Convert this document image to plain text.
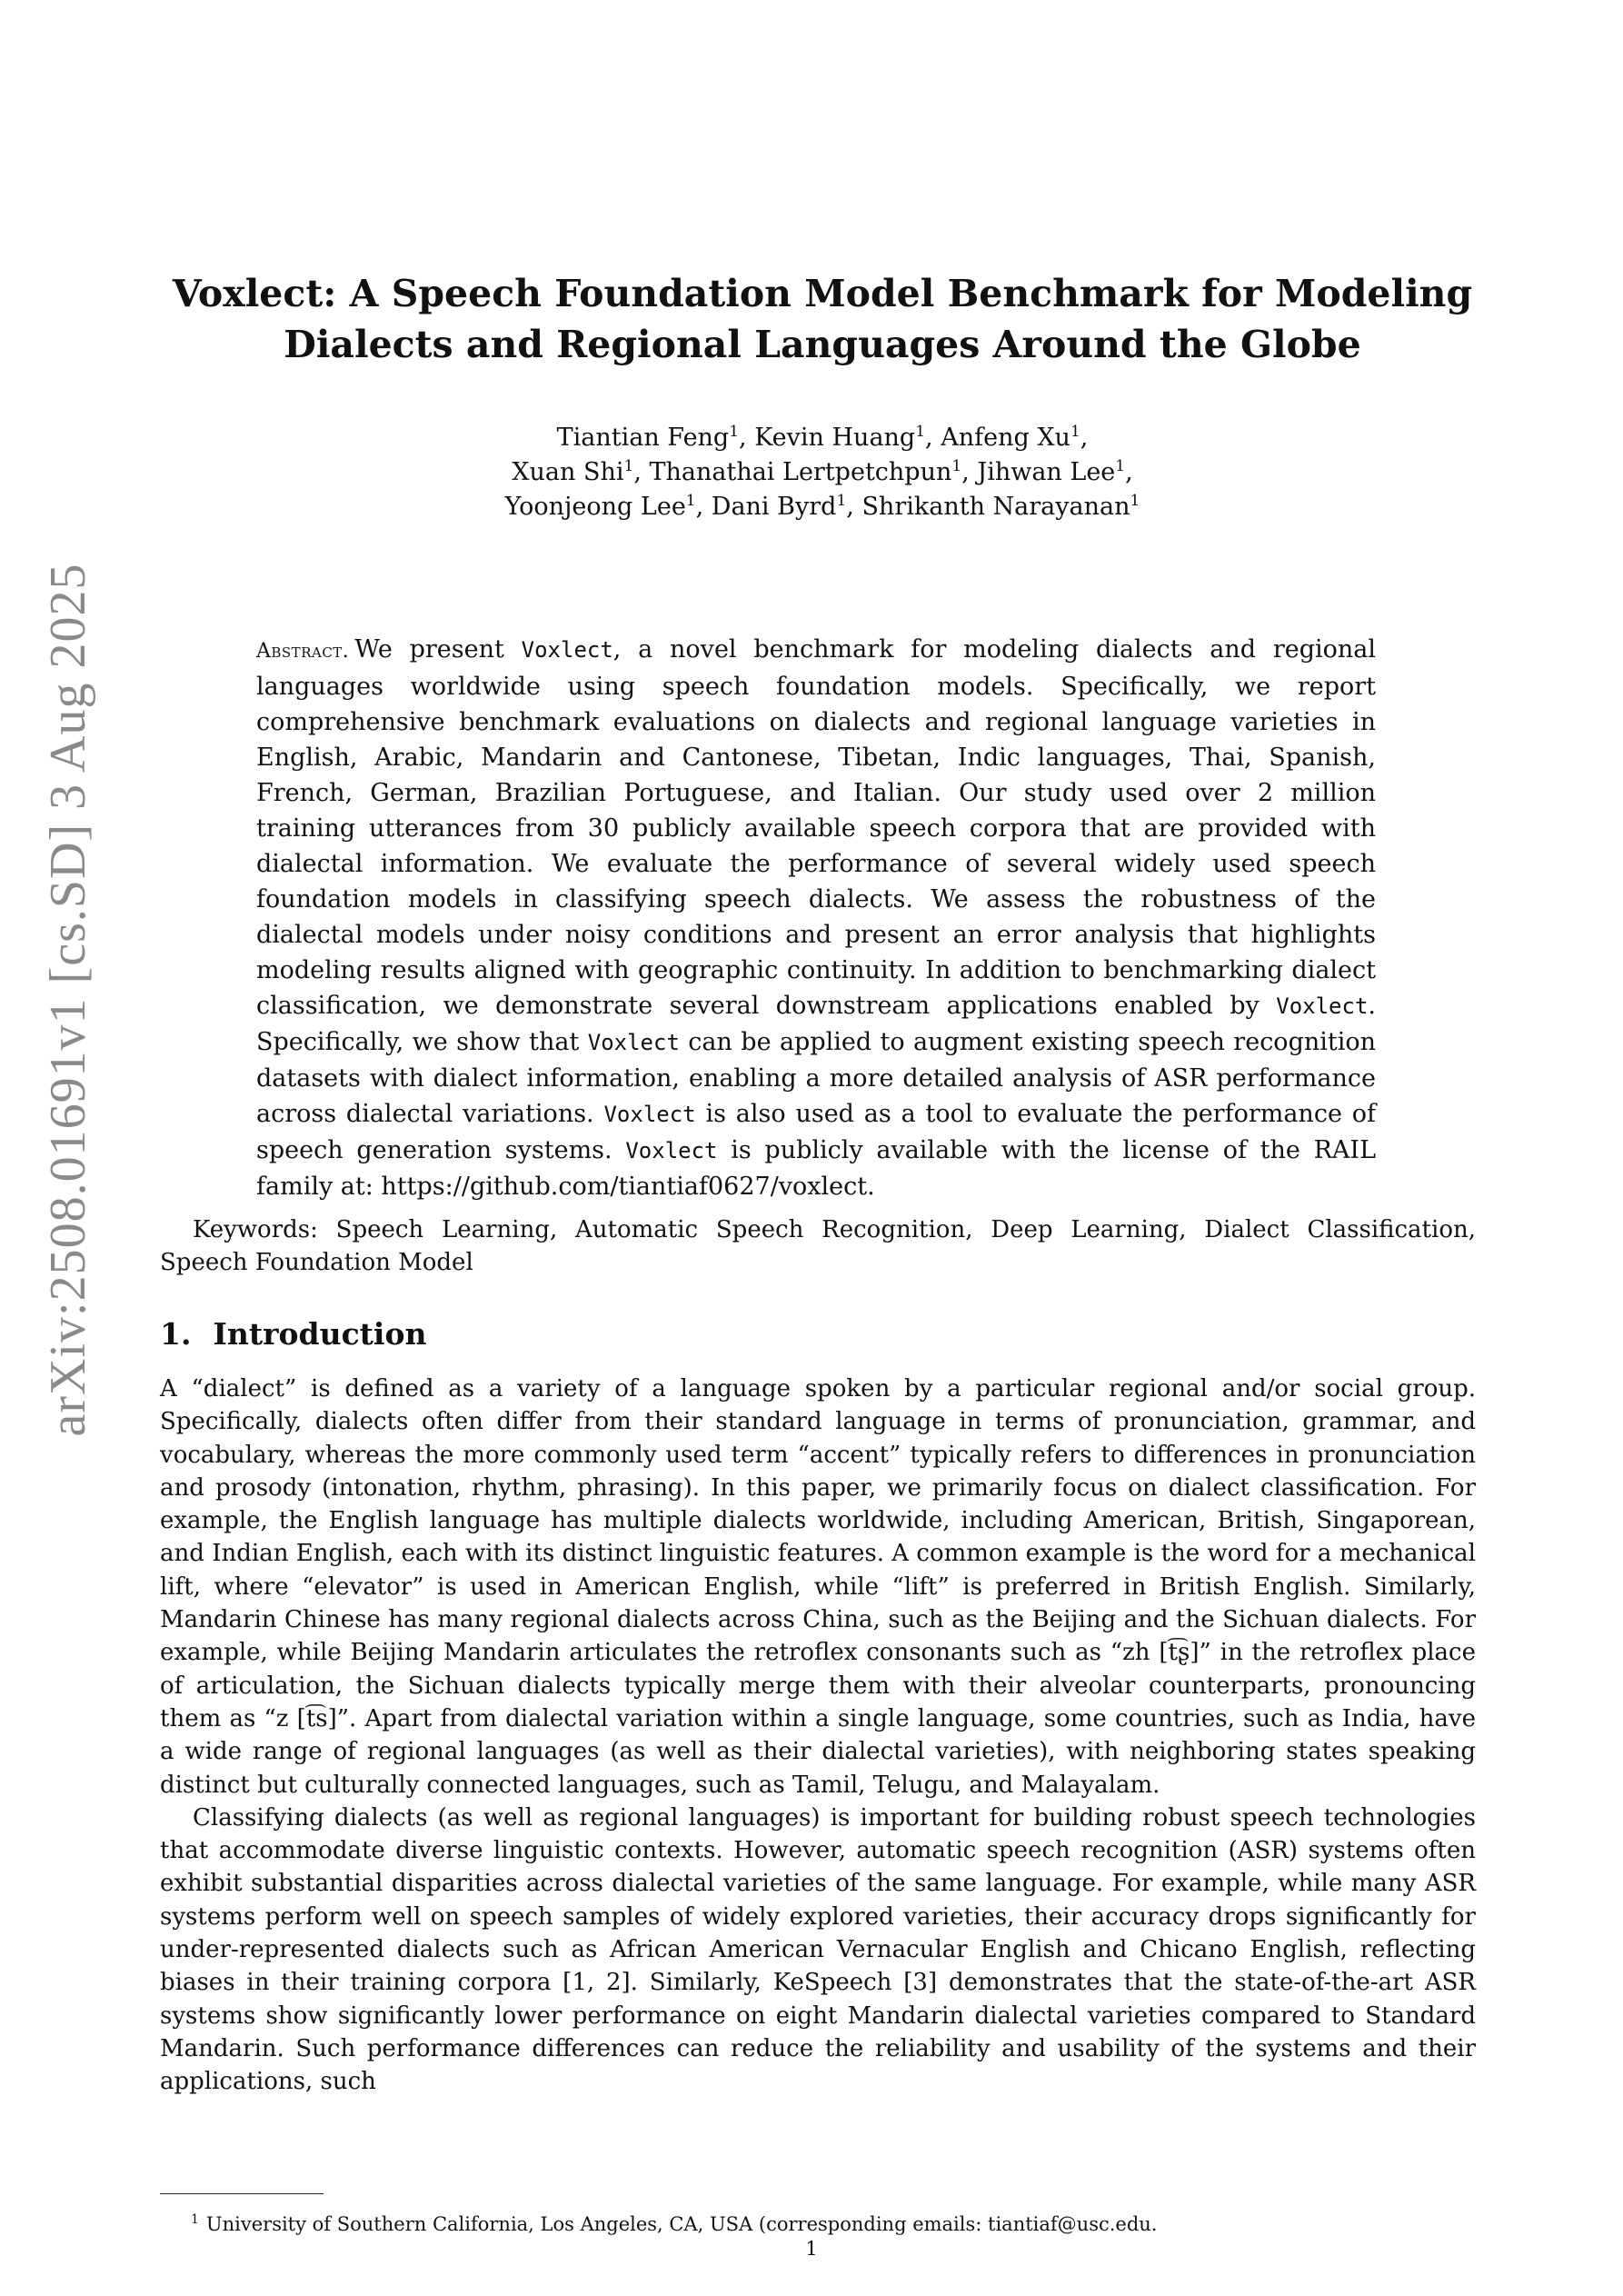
arXiv:2508.01691v1 [cs.SD] 3 Aug 2025
Voxlect: A Speech Foundation Model Benchmark for Modeling
Dialects and Regional Languages Around the Globe
Tiantian Feng$^1$, Kevin Huang$^1$, Anfeng Xu$^1$,
Xuan Shi$^1$, Thanathai Lertpetchpun$^1$, Jihwan Lee$^1$,
Yoonjeong Lee$^1$, Dani Byrd$^1$, Shrikanth Narayanan$^1$
Abstract. We present Voxlect, a novel benchmark for modeling dialects and regional languages worldwide using speech foundation models. Specifically, we report comprehensive benchmark evaluations on dialects and regional language varieties in English, Arabic, Mandarin and Cantonese, Tibetan, Indic languages, Thai, Spanish, French, German, Brazilian Portuguese, and Italian. Our study used over 2 million training utterances from 30 publicly available speech corpora that are provided with dialectal information. We evaluate the performance of several widely used speech foundation models in classifying speech dialects. We assess the robustness of the dialectal models under noisy conditions and present an error analysis that highlights modeling results aligned with geographic continuity. In addition to benchmarking dialect classification, we demonstrate several downstream applications enabled by Voxlect. Specifically, we show that Voxlect can be applied to augment existing speech recognition datasets with dialect information, enabling a more detailed analysis of ASR performance across dialectal variations. Voxlect is also used as a tool to evaluate the performance of speech generation systems. Voxlect is publicly available with the license of the RAIL family at: https://github.com/tiantiaf0627/voxlect.
Keywords: Speech Learning, Automatic Speech Recognition, Deep Learning, Dialect Classification, Speech Foundation Model
1. Introduction

A “dialect” is defined as a variety of a language spoken by a particular regional and/or social group. Specifically, dialects often differ from their standard language in terms of pronunciation, grammar, and vocabulary, whereas the more commonly used term “accent” typically refers to differences in pronunciation and prosody (intonation, rhythm, phrasing). In this paper, we primarily focus on dialect classification. For example, the English language has multiple dialects worldwide, including American, British, Singaporean, and Indian English, each with its distinct linguistic features. A common example is the word for a mechanical lift, where “elevator” is used in American English, while “lift” is preferred in British English. Similarly, Mandarin Chinese has many regional dialects across China, such as the Beijing and the Sichuan dialects. For example, while Beijing Mandarin articulates the retroflex consonants such as “zh [t͡ʂ]” in the retroflex place of articulation, the Sichuan dialects typically merge them with their alveolar counterparts, pronouncing them as “z [t͡s]”. Apart from dialectal variation within a single language, some countries, such as India, have a wide range of regional languages (as well as their dialectal varieties), with neighboring states speaking distinct but culturally connected languages, such as Tamil, Telugu, and Malayalam.

Classifying dialects (as well as regional languages) is important for building robust speech technologies that accommodate diverse linguistic contexts. However, automatic speech recognition (ASR) systems often exhibit substantial disparities across dialectal varieties of the same language. For example, while many ASR systems perform well on speech samples of widely explored varieties, their accuracy drops significantly for under-represented dialects such as African American Vernacular English and Chicano English, reflecting biases in their training corpora [1, 2]. Similarly, KeSpeech [3] demonstrates that the state-of-the-art ASR systems show significantly lower performance on eight Mandarin dialectal varieties compared to Standard Mandarin. Such performance differences can reduce the reliability and usability of the systems and their applications, such

$^1$ University of Southern California, Los Angeles, CA, USA (corresponding emails: tiantiaf@usc.edu.
1
